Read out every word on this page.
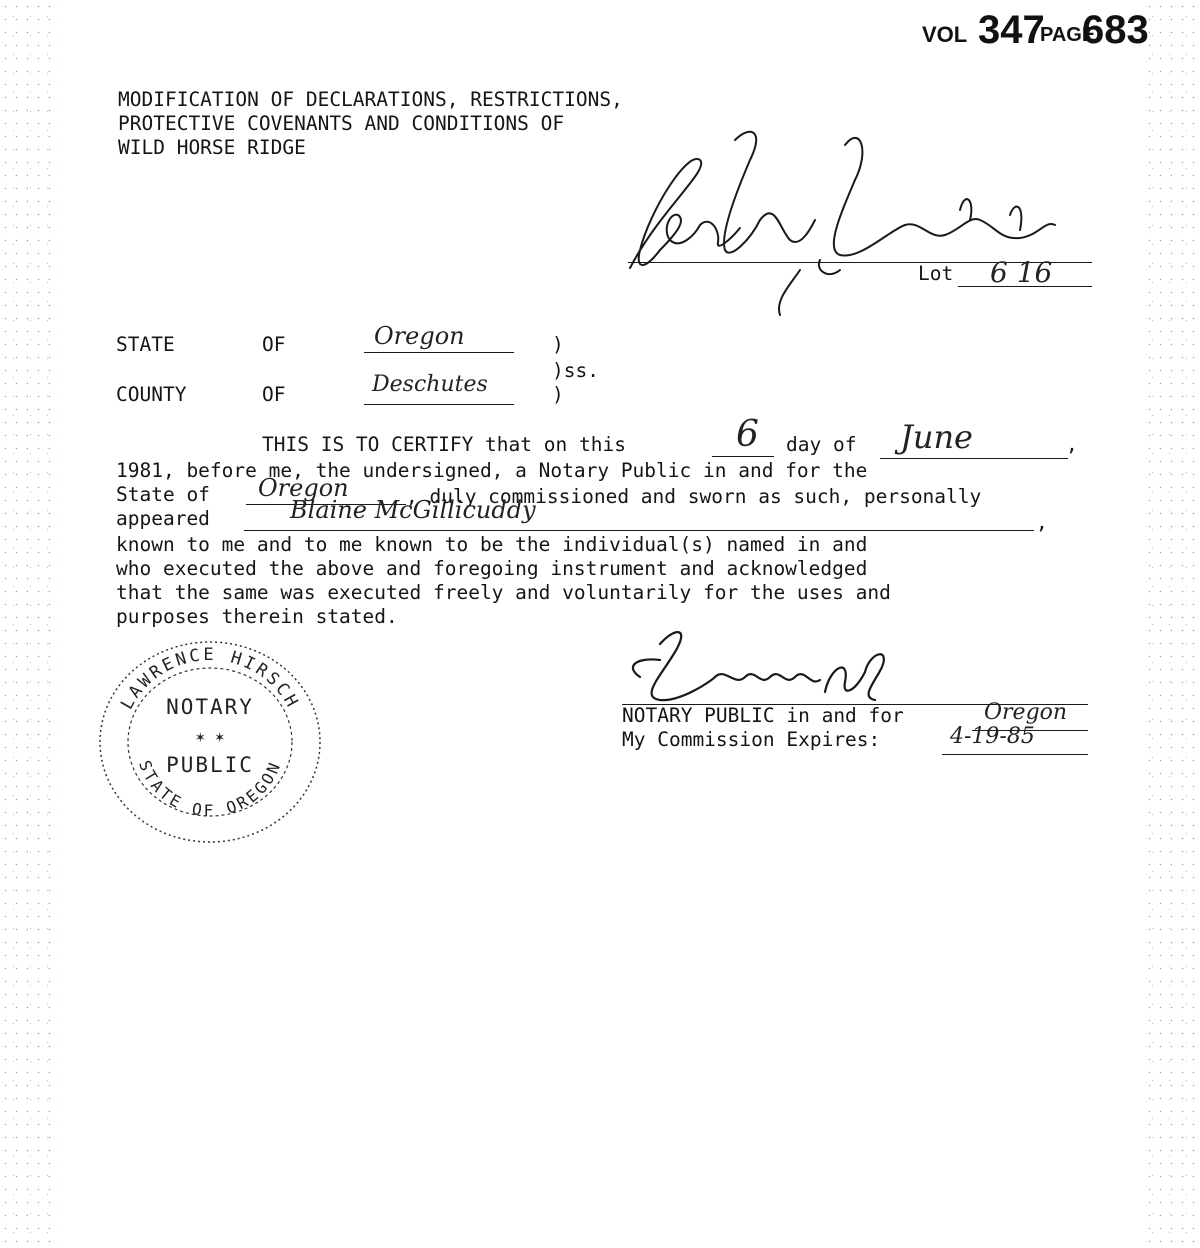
VOL 347
PAGE
683
MODIFICATION OF DECLARATIONS, RESTRICTIONS,
PROTECTIVE COVENANTS AND CONDITIONS OF
WILD HORSE RIDGE
Lot 6 16
STATE	OF	Oregon	)
)ss.
COUNTY	OF	Deschutes	)
THIS IS TO CERTIFY that on this	6 day of June	,
1981, before me, the undersigned, a Notary Public in and for the
State of Oregon	, duly commissioned and sworn as such, personally
appeared	Blaine McGillicuddy	,
known to me and to me known to be the individual(s) named in and
who executed the above and foregoing instrument and acknowledged
that the same was executed freely and voluntarily for the uses and
purposes therein stated.
LAWRENCE HIRSCH
STATE OF OREGON
NOTARY
PUBLIC
✶ ✶
NOTARY PUBLIC in and for	Oregon
My Commission Expires:	4-19-85
